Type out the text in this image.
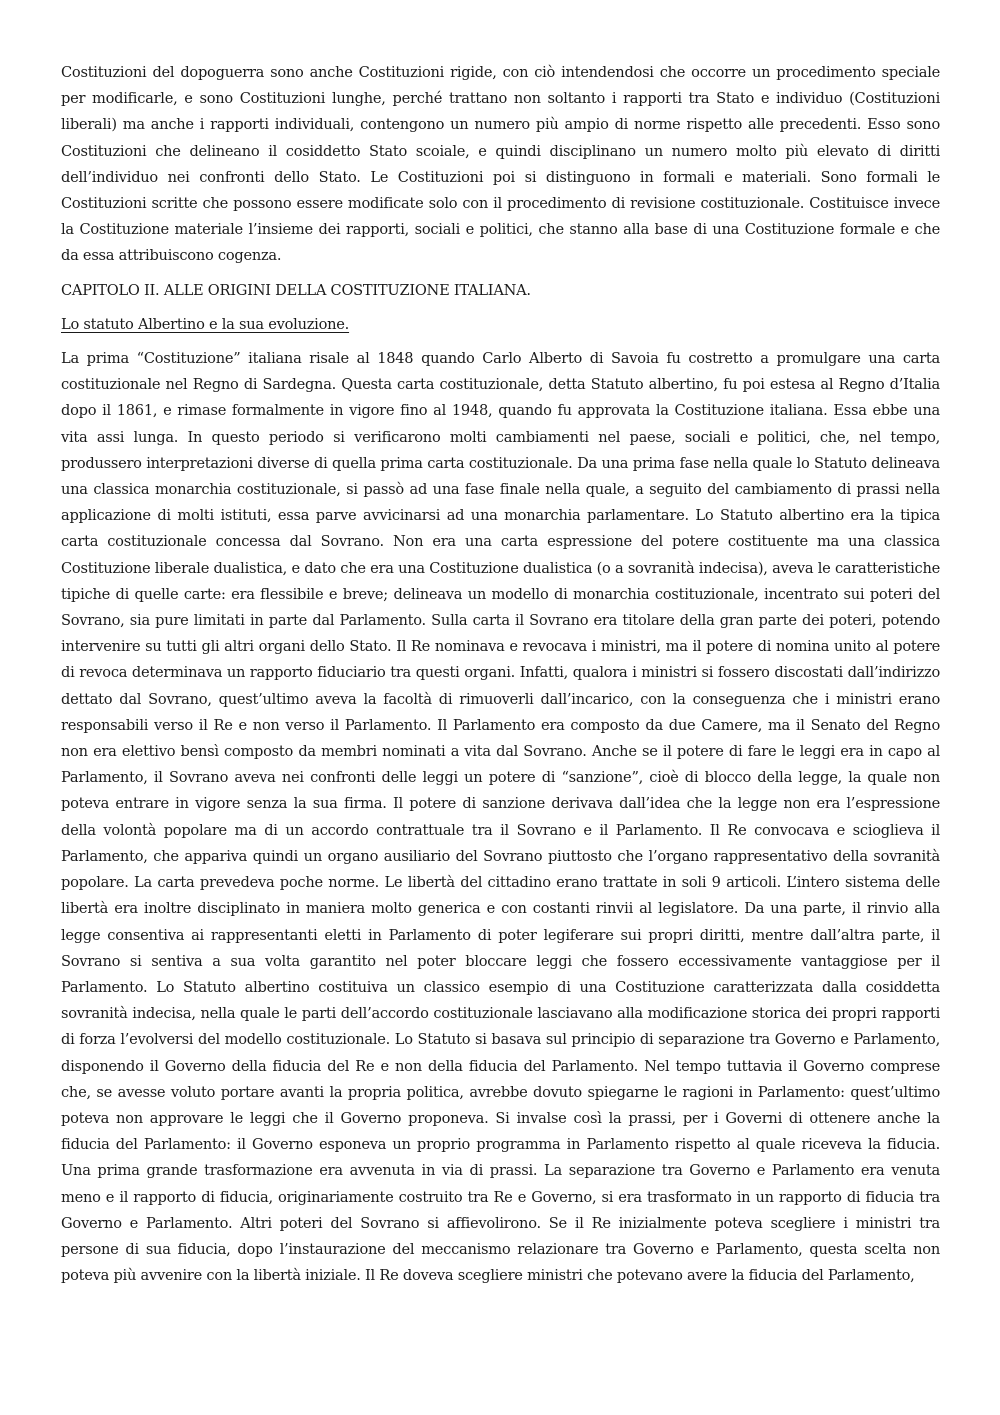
Costituzioni del dopoguerra sono anche Costituzioni rigide, con ciò intendendosi che occorre un procedimento speciale per modificarle, e sono Costituzioni lunghe, perché trattano non soltanto i rapporti tra Stato e individuo (Costituzioni liberali) ma anche i rapporti individuali, contengono un numero più ampio di norme rispetto alle precedenti. Esso sono Costituzioni che delineano il cosiddetto Stato scoiale, e quindi disciplinano un numero molto più elevato di diritti dell’individuo nei confronti dello Stato. Le Costituzioni poi si distinguono in formali e materiali. Sono formali le Costituzioni scritte che possono essere modificate solo con il procedimento di revisione costituzionale. Costituisce invece la Costituzione materiale l’insieme dei rapporti, sociali e politici, che stanno alla base di una Costituzione formale e che da essa attribuiscono cogenza.

CAPITOLO II. ALLE ORIGINI DELLA COSTITUZIONE ITALIANA.

Lo statuto Albertino e la sua evoluzione.

La prima “Costituzione” italiana risale al 1848 quando Carlo Alberto di Savoia fu costretto a promulgare una carta costituzionale nel Regno di Sardegna. Questa carta costituzionale, detta Statuto albertino, fu poi estesa al Regno d’Italia dopo il 1861, e rimase formalmente in vigore fino al 1948, quando fu approvata la Costituzione italiana. Essa ebbe una vita assi lunga. In questo periodo si verificarono molti cambiamenti nel paese, sociali e politici, che, nel tempo, produssero interpretazioni diverse di quella prima carta costituzionale. Da una prima fase nella quale lo Statuto delineava una classica monarchia costituzionale, si passò ad una fase finale nella quale, a seguito del cambiamento di prassi nella applicazione di molti istituti, essa parve avvicinarsi ad una monarchia parlamentare. Lo Statuto albertino era la tipica carta costituzionale concessa dal Sovrano. Non era una carta espressione del potere costituente ma una classica Costituzione liberale dualistica, e dato che era una Costituzione dualistica (o a sovranità indecisa), aveva le caratteristiche tipiche di quelle carte: era flessibile e breve; delineava un modello di monarchia costituzionale, incentrato sui poteri del Sovrano, sia pure limitati in parte dal Parlamento. Sulla carta il Sovrano era titolare della gran parte dei poteri, potendo intervenire su tutti gli altri organi dello Stato. Il Re nominava e revocava i ministri, ma il potere di nomina unito al potere di revoca determinava un rapporto fiduciario tra questi organi. Infatti, qualora i ministri si fossero discostati dall’indirizzo dettato dal Sovrano, quest’ultimo aveva la facoltà di rimuoverli dall’incarico, con la conseguenza che i ministri erano responsabili verso il Re e non verso il Parlamento. Il Parlamento era composto da due Camere, ma il Senato del Regno non era elettivo bensì composto da membri nominati a vita dal Sovrano. Anche se il potere di fare le leggi era in capo al Parlamento, il Sovrano aveva nei confronti delle leggi un potere di “sanzione”, cioè di blocco della legge, la quale non poteva entrare in vigore senza la sua firma. Il potere di sanzione derivava dall’idea che la legge non era l’espressione della volontà popolare ma di un accordo contrattuale tra il Sovrano e il Parlamento. Il Re convocava e scioglieva il Parlamento, che appariva quindi un organo ausiliario del Sovrano piuttosto che l’organo rappresentativo della sovranità popolare. La carta prevedeva poche norme. Le libertà del cittadino erano trattate in soli 9 articoli. L’intero sistema delle libertà era inoltre disciplinato in maniera molto generica e con costanti rinvii al legislatore. Da una parte, il rinvio alla legge consentiva ai rappresentanti eletti in Parlamento di poter legiferare sui propri diritti, mentre dall’altra parte, il Sovrano si sentiva a sua volta garantito nel poter bloccare leggi che fossero eccessivamente vantaggiose per il Parlamento. Lo Statuto albertino costituiva un classico esempio di una Costituzione caratterizzata dalla cosiddetta sovranità indecisa, nella quale le parti dell’accordo costituzionale lasciavano alla modificazione storica dei propri rapporti di forza l’evolversi del modello costituzionale. Lo Statuto si basava sul principio di separazione tra Governo e Parlamento, disponendo il Governo della fiducia del Re e non della fiducia del Parlamento. Nel tempo tuttavia il Governo comprese che, se avesse voluto portare avanti la propria politica, avrebbe dovuto spiegarne le ragioni in Parlamento: quest’ultimo poteva non approvare le leggi che il Governo proponeva. Si invalse così la prassi, per i Governi di ottenere anche la fiducia del Parlamento: il Governo esponeva un proprio programma in Parlamento rispetto al quale riceveva la fiducia. Una prima grande trasformazione era avvenuta in via di prassi. La separazione tra Governo e Parlamento era venuta meno e il rapporto di fiducia, originariamente costruito tra Re e Governo, si era trasformato in un rapporto di fiducia tra Governo e Parlamento. Altri poteri del Sovrano si affievolirono. Se il Re inizialmente poteva scegliere i ministri tra persone di sua fiducia, dopo l’instaurazione del meccanismo relazionare tra Governo e Parlamento, questa scelta non poteva più avvenire con la libertà iniziale. Il Re doveva scegliere ministri che potevano avere la fiducia del Parlamento,
